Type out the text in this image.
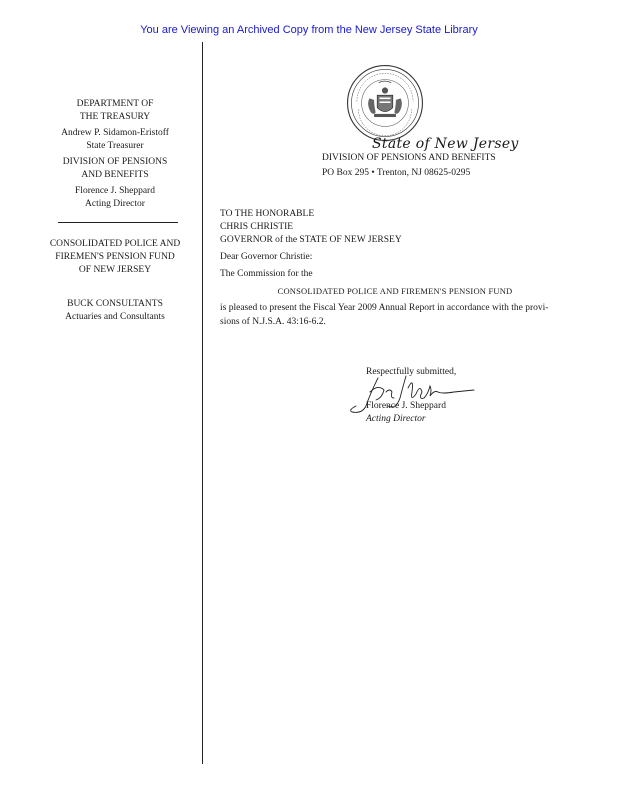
You are Viewing an Archived Copy from the New Jersey State Library
DEPARTMENT OF
THE TREASURY
Andrew P. Sidamon-Eristoff
State Treasurer
DIVISION OF PENSIONS
AND BENEFITS
Florence J. Sheppard
Acting Director
CONSOLIDATED POLICE AND
FIREMEN'S PENSION FUND
OF NEW JERSEY
BUCK CONSULTANTS
Actuaries and Consultants
State of New Jersey
DIVISION OF PENSIONS AND BENEFITS
PO Box 295 • Trenton, NJ 08625-0295
TO THE HONORABLE
CHRIS CHRISTIE
GOVERNOR of the STATE OF NEW JERSEY
Dear Governor Christie:
The Commission for the
CONSOLIDATED POLICE AND FIREMEN'S PENSION FUND
is pleased to present the Fiscal Year 2009 Annual Report in accordance with the provi-
sions of N.J.S.A. 43:16-6.2.
Respectfully submitted,
Florence J. Sheppard
Acting Director
